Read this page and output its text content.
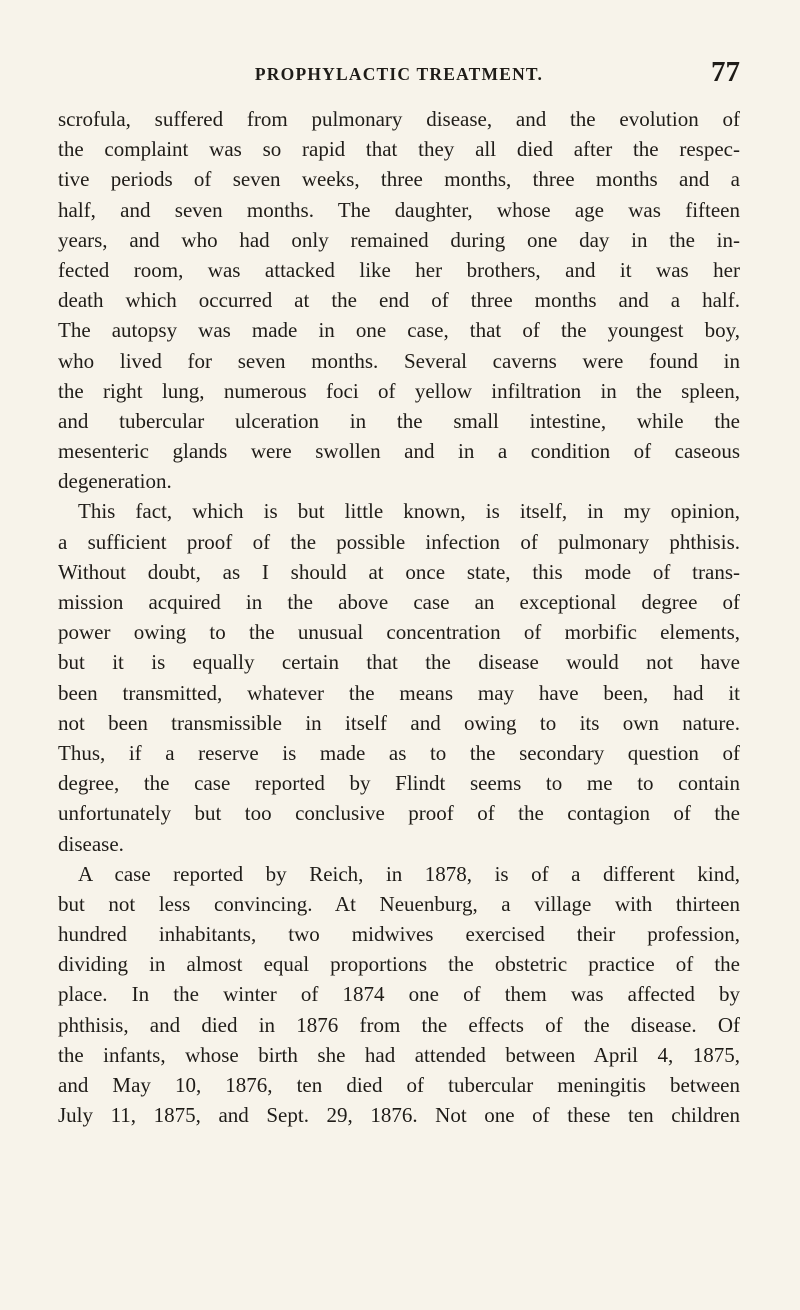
PROPHYLACTIC TREATMENT.	77
scrofula, suffered from pulmonary disease, and the evolution of
the complaint was so rapid that they all died after the respec-
tive periods of seven weeks, three months, three months and a
half, and seven months. The daughter, whose age was fifteen
years, and who had only remained during one day in the in-
fected room, was attacked like her brothers, and it was her
death which occurred at the end of three months and a half.
The autopsy was made in one case, that of the youngest boy,
who lived for seven months. Several caverns were found in
the right lung, numerous foci of yellow infiltration in the spleen,
and tubercular ulceration in the small intestine, while the
mesenteric glands were swollen and in a condition of caseous
degeneration.
This fact, which is but little known, is itself, in my opinion,
a sufficient proof of the possible infection of pulmonary phthisis.
Without doubt, as I should at once state, this mode of trans-
mission acquired in the above case an exceptional degree of
power owing to the unusual concentration of morbific elements,
but it is equally certain that the disease would not have
been transmitted, whatever the means may have been, had it
not been transmissible in itself and owing to its own nature.
Thus, if a reserve is made as to the secondary question of
degree, the case reported by Flindt seems to me to contain
unfortunately but too conclusive proof of the contagion of the
disease.
A case reported by Reich, in 1878, is of a different kind,
but not less convincing. At Neuenburg, a village with thirteen
hundred inhabitants, two midwives exercised their profession,
dividing in almost equal proportions the obstetric practice of the
place. In the winter of 1874 one of them was affected by
phthisis, and died in 1876 from the effects of the disease. Of
the infants, whose birth she had attended between April 4, 1875,
and May 10, 1876, ten died of tubercular meningitis between
July 11, 1875, and Sept. 29, 1876. Not one of these ten children
